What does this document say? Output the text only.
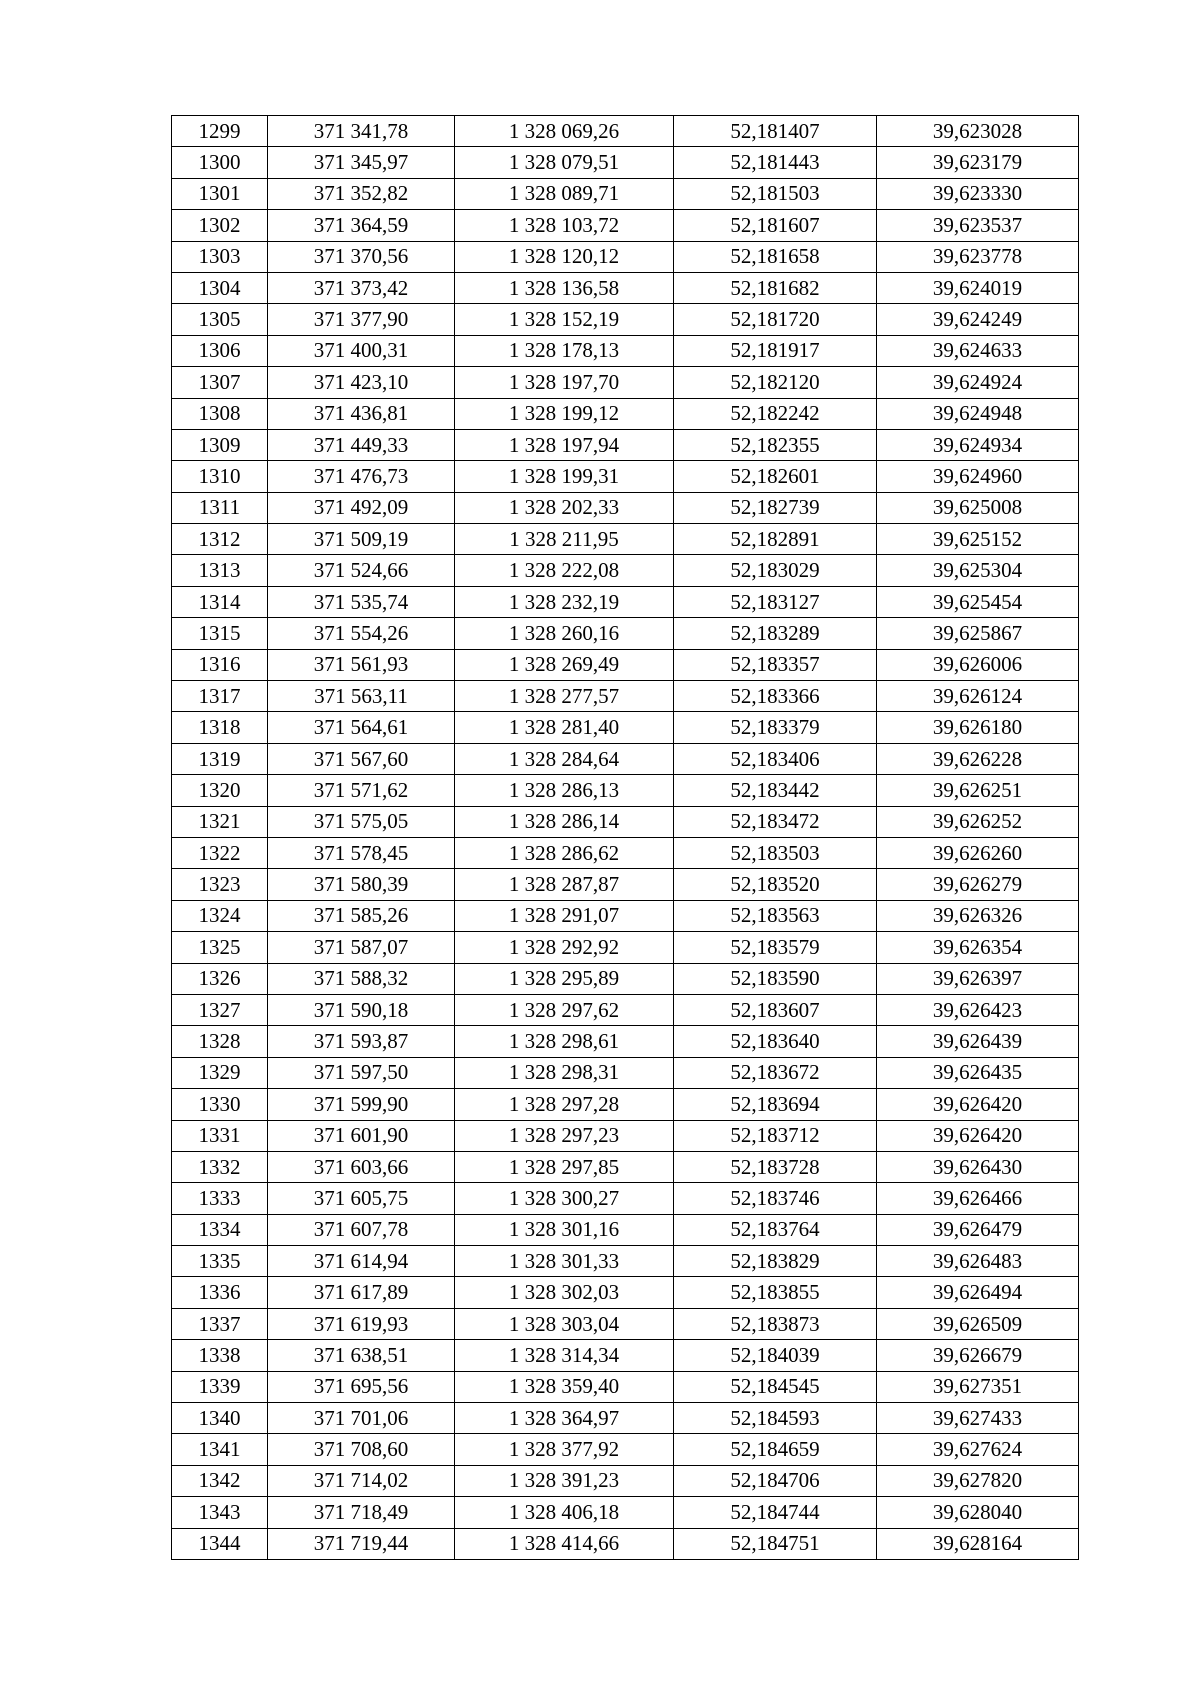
1299	371 341,78	1 328 069,26	52,181407	39,623028
1300	371 345,97	1 328 079,51	52,181443	39,623179
1301	371 352,82	1 328 089,71	52,181503	39,623330
1302	371 364,59	1 328 103,72	52,181607	39,623537
1303	371 370,56	1 328 120,12	52,181658	39,623778
1304	371 373,42	1 328 136,58	52,181682	39,624019
1305	371 377,90	1 328 152,19	52,181720	39,624249
1306	371 400,31	1 328 178,13	52,181917	39,624633
1307	371 423,10	1 328 197,70	52,182120	39,624924
1308	371 436,81	1 328 199,12	52,182242	39,624948
1309	371 449,33	1 328 197,94	52,182355	39,624934
1310	371 476,73	1 328 199,31	52,182601	39,624960
1311	371 492,09	1 328 202,33	52,182739	39,625008
1312	371 509,19	1 328 211,95	52,182891	39,625152
1313	371 524,66	1 328 222,08	52,183029	39,625304
1314	371 535,74	1 328 232,19	52,183127	39,625454
1315	371 554,26	1 328 260,16	52,183289	39,625867
1316	371 561,93	1 328 269,49	52,183357	39,626006
1317	371 563,11	1 328 277,57	52,183366	39,626124
1318	371 564,61	1 328 281,40	52,183379	39,626180
1319	371 567,60	1 328 284,64	52,183406	39,626228
1320	371 571,62	1 328 286,13	52,183442	39,626251
1321	371 575,05	1 328 286,14	52,183472	39,626252
1322	371 578,45	1 328 286,62	52,183503	39,626260
1323	371 580,39	1 328 287,87	52,183520	39,626279
1324	371 585,26	1 328 291,07	52,183563	39,626326
1325	371 587,07	1 328 292,92	52,183579	39,626354
1326	371 588,32	1 328 295,89	52,183590	39,626397
1327	371 590,18	1 328 297,62	52,183607	39,626423
1328	371 593,87	1 328 298,61	52,183640	39,626439
1329	371 597,50	1 328 298,31	52,183672	39,626435
1330	371 599,90	1 328 297,28	52,183694	39,626420
1331	371 601,90	1 328 297,23	52,183712	39,626420
1332	371 603,66	1 328 297,85	52,183728	39,626430
1333	371 605,75	1 328 300,27	52,183746	39,626466
1334	371 607,78	1 328 301,16	52,183764	39,626479
1335	371 614,94	1 328 301,33	52,183829	39,626483
1336	371 617,89	1 328 302,03	52,183855	39,626494
1337	371 619,93	1 328 303,04	52,183873	39,626509
1338	371 638,51	1 328 314,34	52,184039	39,626679
1339	371 695,56	1 328 359,40	52,184545	39,627351
1340	371 701,06	1 328 364,97	52,184593	39,627433
1341	371 708,60	1 328 377,92	52,184659	39,627624
1342	371 714,02	1 328 391,23	52,184706	39,627820
1343	371 718,49	1 328 406,18	52,184744	39,628040
1344	371 719,44	1 328 414,66	52,184751	39,628164
